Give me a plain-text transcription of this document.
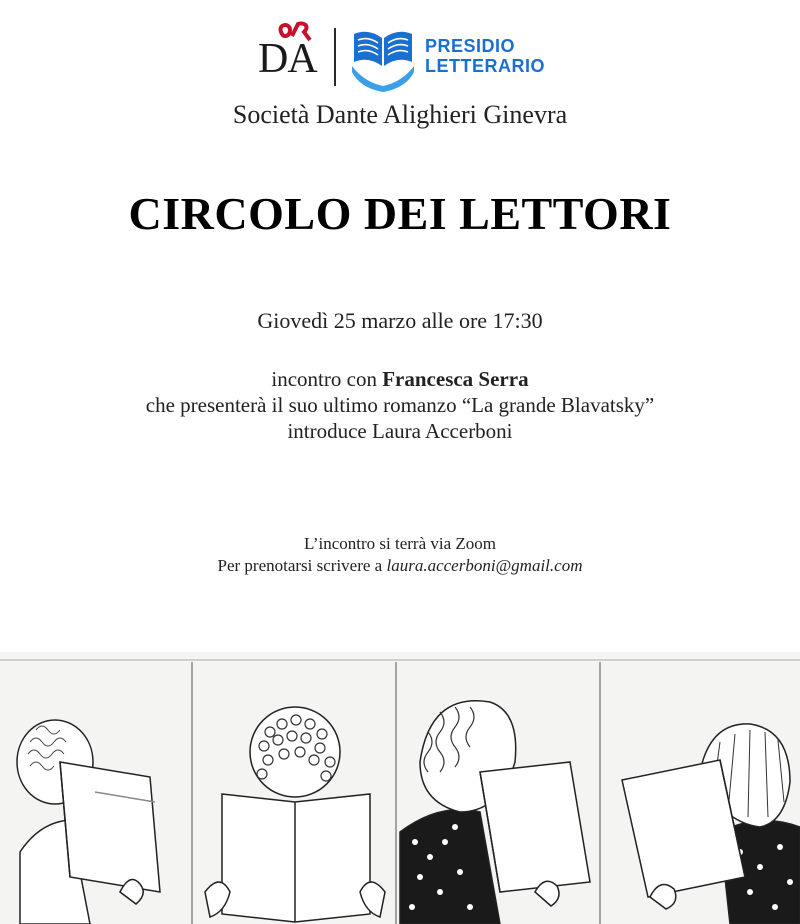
DA	PRESIDIO
LETTERARIO
Società Dante Alighieri Ginevra
CIRCOLO DEI LETTORI
Giovedì 25 marzo alle ore 17:30

incontro con Francesca Serra

che presenterà il suo ultimo romanzo “La grande Blavatsky”

introduce Laura Accerboni

L’incontro si terrà via Zoom

Per prenotarsi scrivere a laura.accerboni@gmail.com
